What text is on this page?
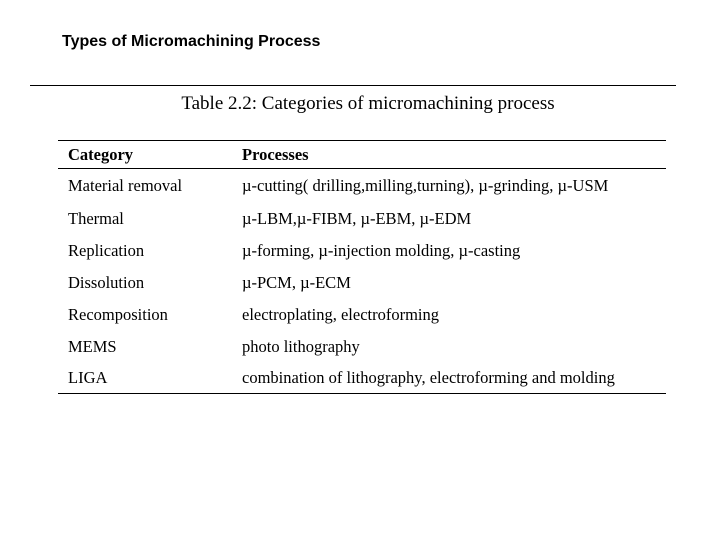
Types of Micromachining Process
Table 2.2: Categories of micromachining process
Category	Processes
Material removal	µ-cutting( drilling,milling,turning), µ-grinding, µ-USM
Thermal	µ-LBM,µ-FIBM, µ-EBM, µ-EDM
Replication	µ-forming, µ-injection molding, µ-casting
Dissolution	µ-PCM, µ-ECM
Recomposition	electroplating, electroforming
MEMS	photo lithography
LIGA	combination of lithography, electroforming and molding
